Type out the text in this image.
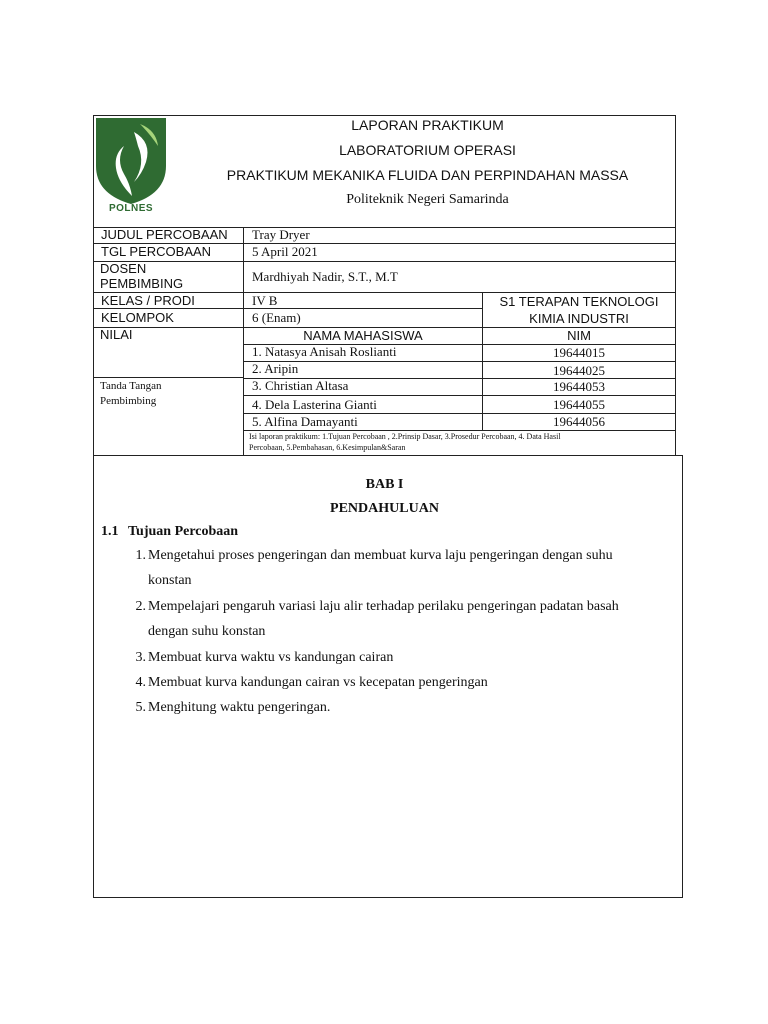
POLNES
LAPORAN PRAKTIKUM
LABORATORIUM OPERASI
PRAKTIKUM MEKANIKA FLUIDA DAN PERPINDAHAN MASSA
Politeknik Negeri Samarinda
JUDUL PERCOBAAN	Tray Dryer
TGL PERCOBAAN	5 April 2021
DOSEN
PEMBIMBING	Mardhiyah Nadir, S.T., M.T
KELAS / PRODI	IV B	S1 TERAPAN TEKNOLOGI
KIMIA INDUSTRI
KELOMPOK	6 (Enam)
NILAI
Tanda Tangan
Pembimbing
NAMA MAHASISWA	NIM
1. Natasya Anisah Roslianti	19644015
2. Aripin	19644025
3. Christian Altasa	19644053
4. Dela Lasterina Gianti	19644055
5. Alfina Damayanti	19644056
Isi laporan praktikum: 1.Tujuan Percobaan , 2.Prinsip Dasar, 3.Prosedur Percobaan, 4. Data Hasil
Percobaan, 5.Pembahasan, 6.Kesimpulan&Saran
BAB I
PENDAHULUAN
1.1 Tujuan Percobaan
1. Mengetahui proses pengeringan dan membuat kurva laju pengeringan dengan suhu
konstan
2. Mempelajari pengaruh variasi laju alir terhadap perilaku pengeringan padatan basah
dengan suhu konstan
3. Membuat kurva waktu vs kandungan cairan
4. Membuat kurva kandungan cairan vs kecepatan pengeringan
5. Menghitung waktu pengeringan.
